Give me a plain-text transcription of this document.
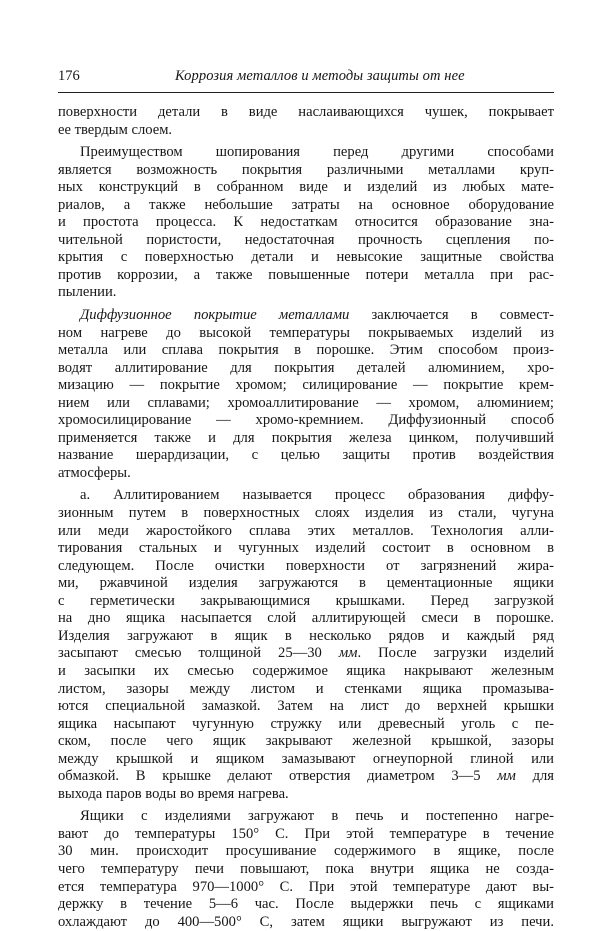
176	Коррозия металлов и методы защиты от нее
поверхности детали в виде наслаивающихся чушек, покрывает
ее твердым слоем.
Преимуществом шопирования перед другими способами
является возможность покрытия различными металлами круп-
ных конструкций в собранном виде и изделий из любых мате-
риалов, а также небольшие затраты на основное оборудование
и простота процесса. К недостаткам относится образование зна-
чительной пористости, недостаточная прочность сцепления по-
крытия с поверхностью детали и невысокие защитные свойства
против коррозии, а также повышенные потери металла при рас-
пылении.
Диффузионное покрытие металлами заключается в совмест-
ном нагреве до высокой температуры покрываемых изделий из
металла или сплава покрытия в порошке. Этим способом произ-
водят аллитирование для покрытия деталей алюминием, хро-
мизацию — покрытие хромом; силицирование — покрытие крем-
нием или сплавами; хромоаллитирование — хромом, алюминием;
хромосилицирование — хромо-кремнием. Диффузионный способ
применяется также и для покрытия железа цинком, получивший
название шерардизации, с целью защиты против воздействия
атмосферы.
а. Аллитированием называется процесс образования диффу-
зионным путем в поверхностных слоях изделия из стали, чугуна
или меди жаростойкого сплава этих металлов. Технология алли-
тирования стальных и чугунных изделий состоит в основном в
следующем. После очистки поверхности от загрязнений жира-
ми, ржавчиной изделия загружаются в цементационные ящики
с герметически закрывающимися крышками. Перед загрузкой
на дно ящика насыпается слой аллитирующей смеси в порошке.
Изделия загружают в ящик в несколько рядов и каждый ряд
засыпают смесью толщиной 25—30 мм. После загрузки изделий
и засыпки их смесью содержимое ящика накрывают железным
листом, зазоры между листом и стенками ящика промазыва-
ются специальной замазкой. Затем на лист до верхней крышки
ящика насыпают чугунную стружку или древесный уголь с пе-
ском, после чего ящик закрывают железной крышкой, зазоры
между крышкой и ящиком замазывают огнеупорной глиной или
обмазкой. В крышке делают отверстия диаметром 3—5 мм для
выхода паров воды во время нагрева.
Ящики с изделиями загружают в печь и постепенно нагре-
вают до температуры 150° С. При этой температуре в течение
30 мин. происходит просушивание содержимого в ящике, после
чего температуру печи повышают, пока внутри ящика не созда-
ется температура 970—1000° С. При этой температуре дают вы-
держку в течение 5—6 час. После выдержки печь с ящиками
охлаждают до 400—500° С, затем ящики выгружают из печи.
